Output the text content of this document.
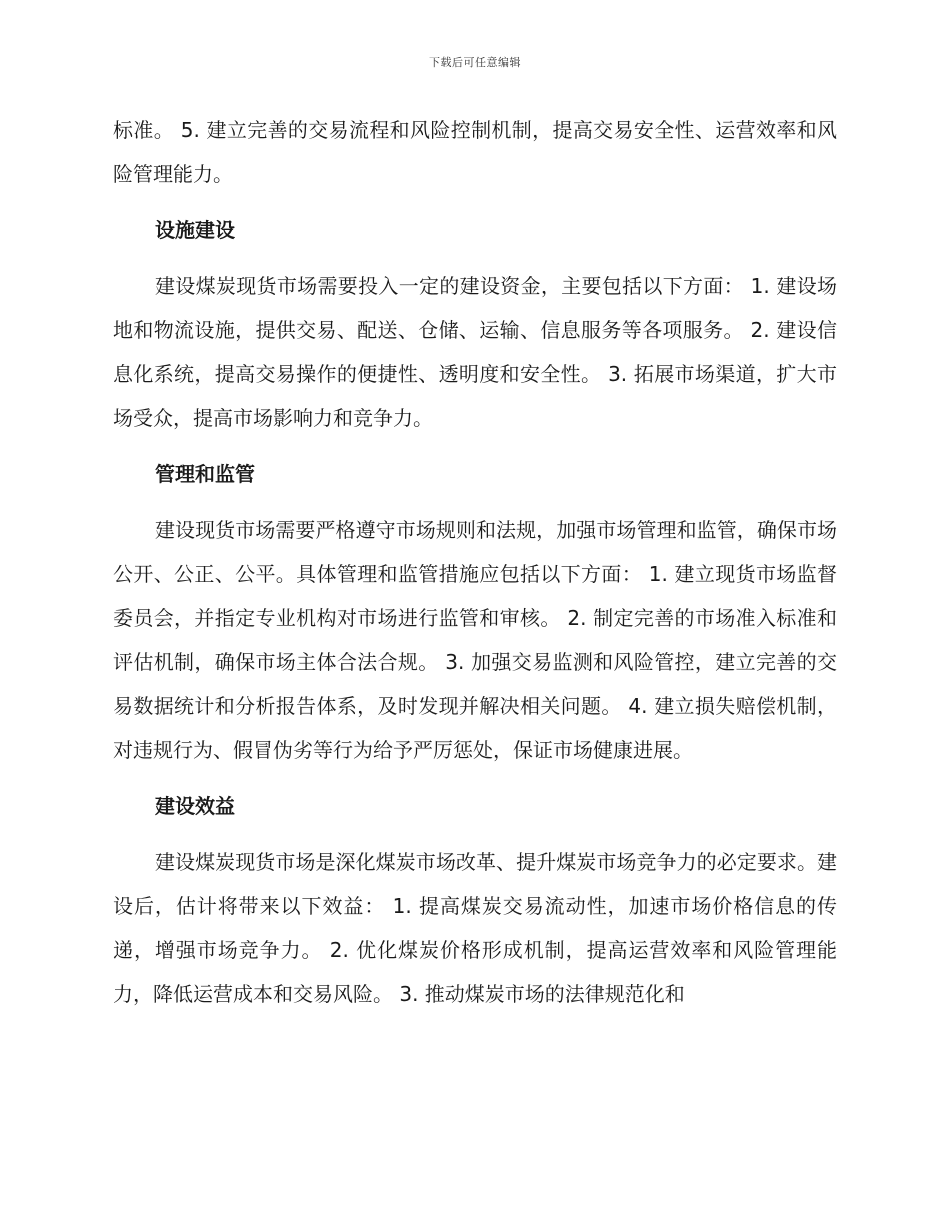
下载后可任意编辑

标准。 5. 建立完善的交易流程和风险控制机制，提高交易安全性、运营效率和风险管理能力。

设施建设

建设煤炭现货市场需要投入一定的建设资金，主要包括以下方面： 1. 建设场地和物流设施，提供交易、配送、仓储、运输、信息服务等各项服务。 2. 建设信息化系统，提高交易操作的便捷性、透明度和安全性。 3. 拓展市场渠道，扩大市场受众，提高市场影响力和竞争力。

管理和监管

建设现货市场需要严格遵守市场规则和法规，加强市场管理和监管，确保市场公开、公正、公平。具体管理和监管措施应包括以下方面： 1. 建立现货市场监督委员会，并指定专业机构对市场进行监管和审核。 2. 制定完善的市场准入标准和评估机制，确保市场主体合法合规。 3. 加强交易监测和风险管控，建立完善的交易数据统计和分析报告体系，及时发现并解决相关问题。 4. 建立损失赔偿机制，对违规行为、假冒伪劣等行为给予严厉惩处，保证市场健康进展。

建设效益

建设煤炭现货市场是深化煤炭市场改革、提升煤炭市场竞争力的必定要求。建设后，估计将带来以下效益： 1. 提高煤炭交易流动性，加速市场价格信息的传递，增强市场竞争力。 2. 优化煤炭价格形成机制，提高运营效率和风险管理能力，降低运营成本和交易风险。 3. 推动煤炭市场的法律规范化和
